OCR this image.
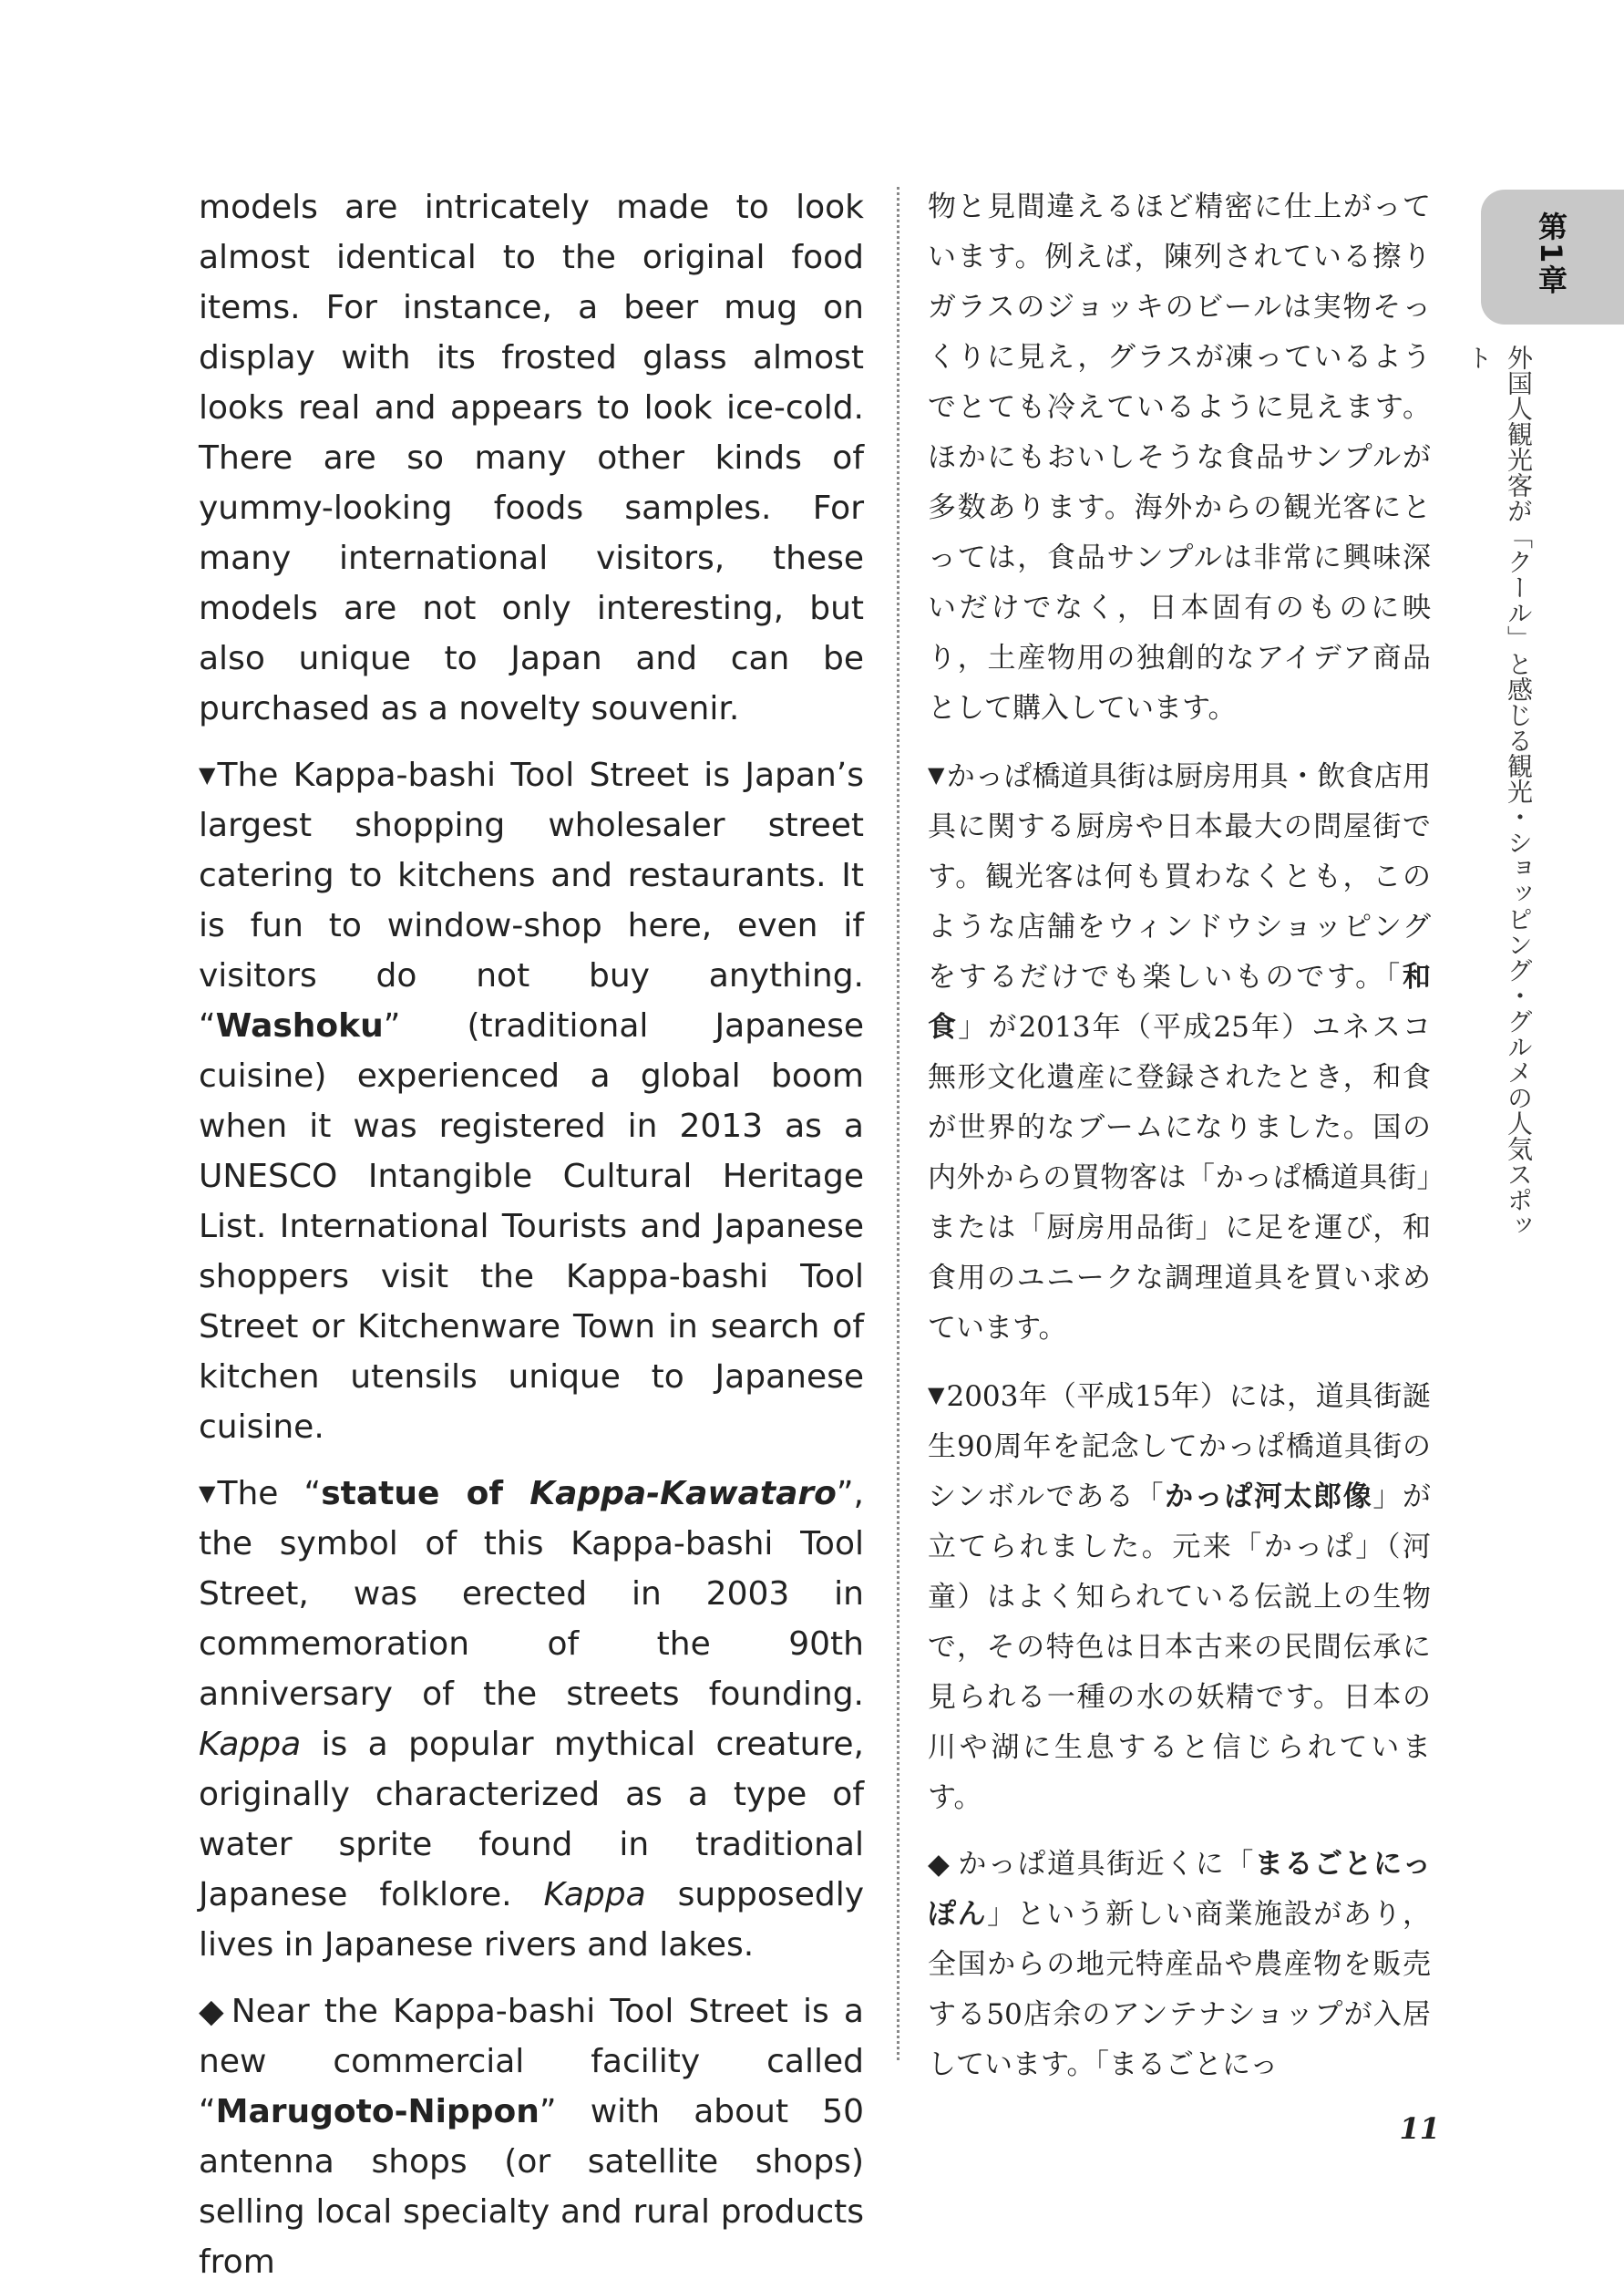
models are intricately made to look almost identical to the original food items. For instance, a beer mug on display with its frosted glass almost looks real and appears to look ice-cold. There are so many other kinds of yummy-looking foods samples. For many international visitors, these models are not only interesting, but also unique to Japan and can be purchased as a novelty souvenir.

▼The Kappa-bashi Tool Street is Japan’s largest shopping wholesaler street catering to kitchens and restaurants. It is fun to window-shop here, even if visitors do not buy anything. “Washoku” (traditional Japanese cuisine) experienced a global boom when it was registered in 2013 as a UNESCO Intangible Cultural Heritage List. International Tourists and Japanese shoppers visit the Kappa-bashi Tool Street or Kitchenware Town in search of kitchen utensils unique to Japanese cuisine.

▼The “statue of Kappa-Kawataro”, the symbol of this Kappa-bashi Tool Street, was erected in 2003 in commemoration of the 90th anniversary of the streets founding. Kappa is a popular mythical creature, originally characterized as a type of water sprite found in traditional Japanese folklore. Kappa supposedly lives in Japanese rivers and lakes.

◆ Near the Kappa-bashi Tool Street is a new commercial facility called “Marugoto-Nippon” with about 50 antenna shops (or satellite shops) selling local specialty and rural products from

物と見間違えるほど精密に仕上がっています。例えば，陳列されている擦りガラスのジョッキのビールは実物そっくりに見え，グラスが凍っているようでとても冷えているように見えます。ほかにもおいしそうな食品サンプルが多数あります。海外からの観光客にとっては，食品サンプルは非常に興味深いだけでなく，日本固有のものに映り，土産物用の独創的なアイデア商品として購入しています。

▼かっぱ橋道具街は厨房用具・飲食店用具に関する厨房や日本最大の問屋街です。観光客は何も買わなくとも，このような店舗をウィンドウショッピングをするだけでも楽しいものです。「和食」が2013年（平成25年）ユネスコ無形文化遺産に登録されたとき，和食が世界的なブームになりました。国の内外からの買物客は「かっぱ橋道具街」または「厨房用品街」に足を運び，和食用のユニークな調理道具を買い求めています。

▼2003年（平成15年）には，道具街誕生90周年を記念してかっぱ橋道具街のシンボルである「かっぱ河太郎像」が立てられました。元来「かっぱ」（河童）はよく知られている伝説上の生物で，その特色は日本古来の民間伝承に見られる一種の水の妖精です。日本の川や湖に生息すると信じられています。

◆ かっぱ道具街近くに「まるごとにっぽん」という新しい商業施設があり，全国からの地元特産品や農産物を販売する50店余のアンテナショップが入居しています。「まるごとにっ

第1章
外国人観光客が「クール」と感じる観光・ショッピング・グルメの人気スポット
11
